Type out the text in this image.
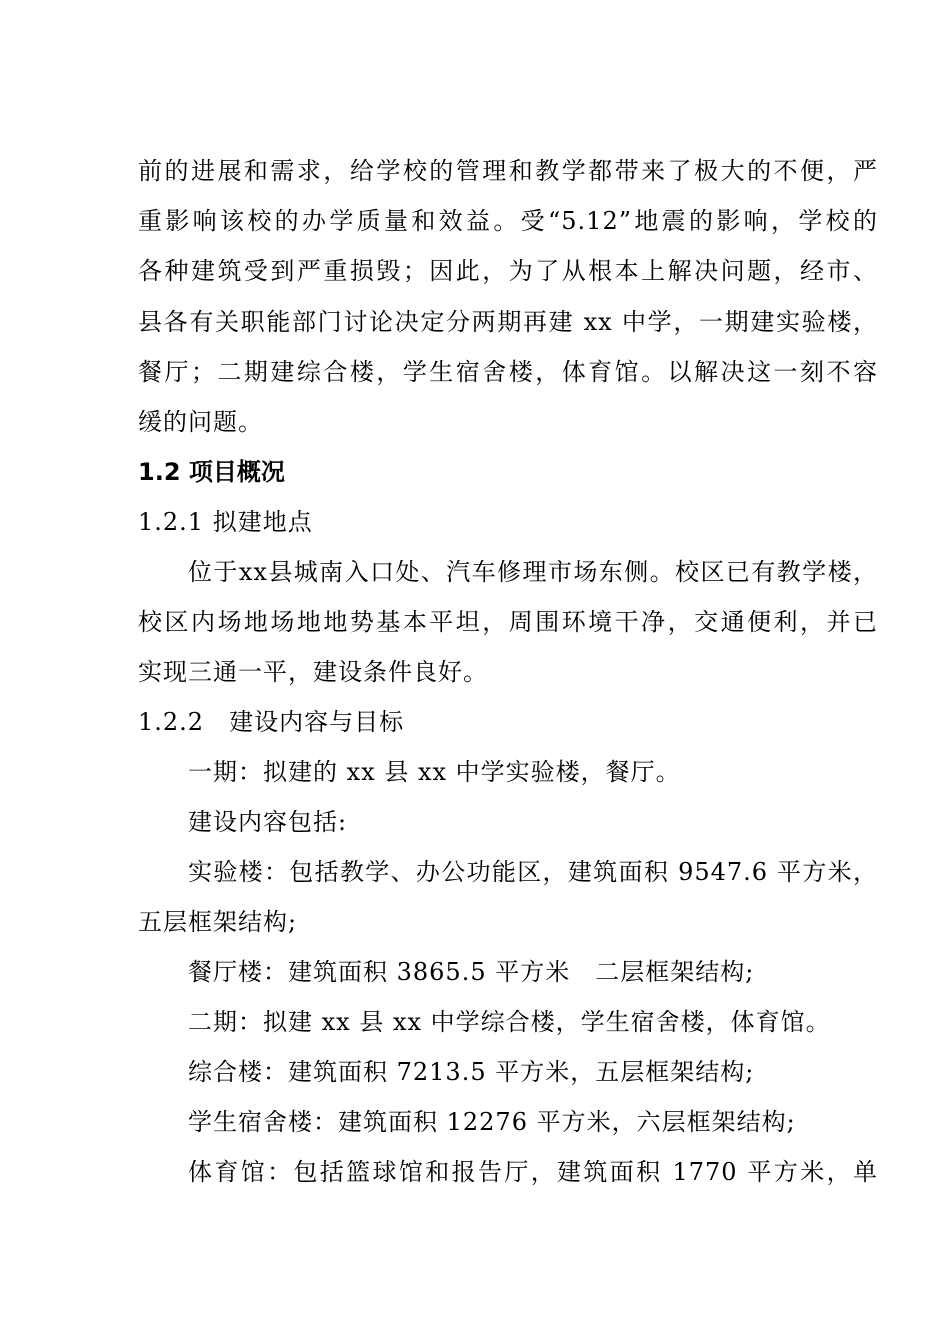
前的进展和需求，给学校的管理和教学都带来了极大的不便，严
重影响该校的办学质量和效益。受“5.12”地震的影响，学校的
各种建筑受到严重损毁；因此，为了从根本上解决问题，经市、
县各有关职能部门讨论决定分两期再建 xx 中学，一期建实验楼，
餐厅；二期建综合楼，学生宿舍楼，体育馆。以解决这一刻不容
缓的问题。
1.2 项目概况
1.2.1 拟建地点
位于xx县城南入口处、汽车修理市场东侧。校区已有教学楼，
校区内场地场地地势基本平坦，周围环境干净，交通便利，并已
实现三通一平，建设条件良好。
1.2.2　建设内容与目标
一期：拟建的 xx 县 xx 中学实验楼，餐厅。
建设内容包括:
实验楼：包括教学、办公功能区，建筑面积 9547.6 平方米，
五层框架结构;
餐厅楼：建筑面积 3865.5 平方米　二层框架结构;
二期：拟建 xx 县 xx 中学综合楼，学生宿舍楼，体育馆。
综合楼：建筑面积 7213.5 平方米，五层框架结构;
学生宿舍楼：建筑面积 12276 平方米，六层框架结构;
体育馆：包括篮球馆和报告厅，建筑面积 1770 平方米，单
